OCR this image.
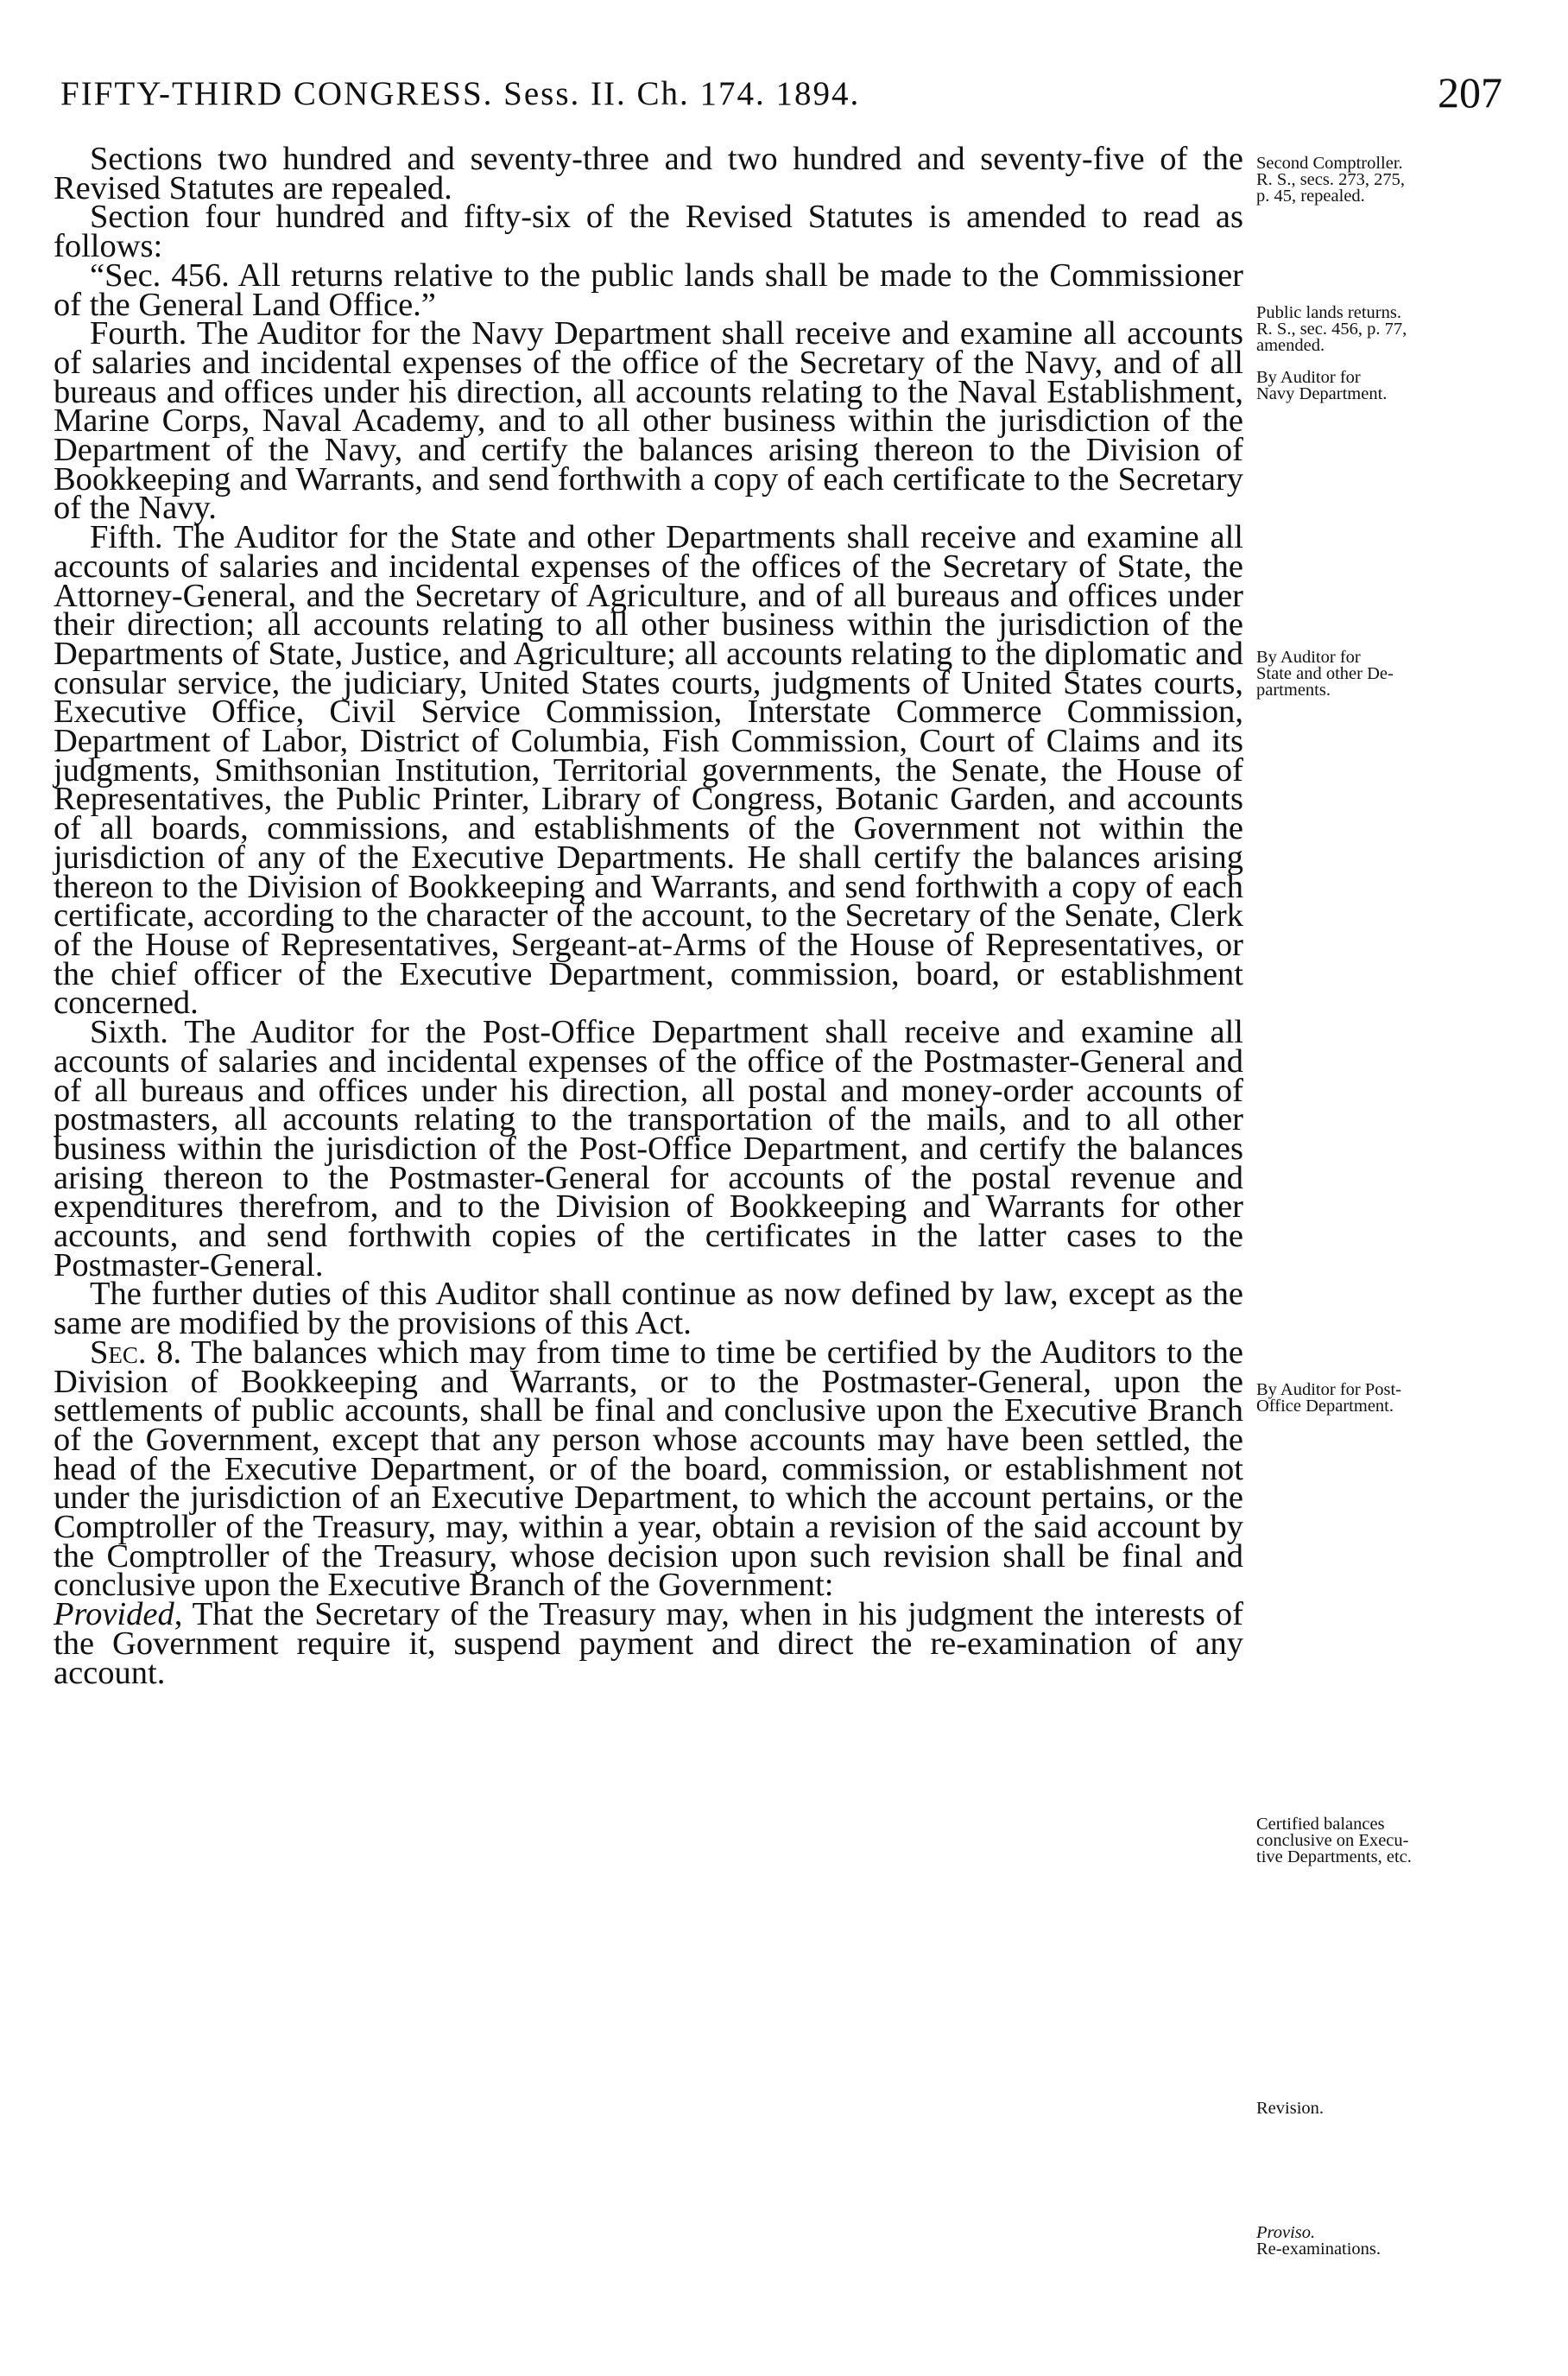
FIFTY-THIRD CONGRESS. Sess. II. Ch. 174. 1894.	207

Sections two hundred and seventy-three and two hundred and seventy-five of the Revised Statutes are repealed.

Section four hundred and fifty-six of the Revised Statutes is amended to read as follows:

“Sec. 456. All returns relative to the public lands shall be made to the Commissioner of the General Land Office.”

Fourth. The Auditor for the Navy Department shall receive and examine all accounts of salaries and incidental expenses of the office of the Secretary of the Navy, and of all bureaus and offices under his direction, all accounts relating to the Naval Establishment, Marine Corps, Naval Academy, and to all other business within the jurisdiction of the Department of the Navy, and certify the balances arising thereon to the Division of Bookkeeping and Warrants, and send forthwith a copy of each certificate to the Secretary of the Navy.

Fifth. The Auditor for the State and other Departments shall receive and examine all accounts of salaries and incidental expenses of the offices of the Secretary of State, the Attorney-General, and the Secretary of Agriculture, and of all bureaus and offices under their direction; all accounts relating to all other business within the jurisdiction of the Departments of State, Justice, and Agriculture; all accounts relating to the diplomatic and consular service, the judiciary, United States courts, judgments of United States courts, Executive Office, Civil Service Commission, Interstate Commerce Commission, Department of Labor, District of Columbia, Fish Commission, Court of Claims and its judgments, Smithsonian Institution, Territorial governments, the Senate, the House of Representatives, the Public Printer, Library of Congress, Botanic Garden, and accounts of all boards, commissions, and establishments of the Government not within the jurisdiction of any of the Executive Departments. He shall certify the balances arising thereon to the Division of Bookkeeping and Warrants, and send forthwith a copy of each certificate, according to the character of the account, to the Secretary of the Senate, Clerk of the House of Representatives, Sergeant-at-Arms of the House of Representatives, or the chief officer of the Executive Department, commission, board, or establishment concerned.

Sixth. The Auditor for the Post-Office Department shall receive and examine all accounts of salaries and incidental expenses of the office of the Postmaster-General and of all bureaus and offices under his direction, all postal and money-order accounts of postmasters, all accounts relating to the transportation of the mails, and to all other business within the jurisdiction of the Post-Office Department, and certify the balances arising thereon to the Postmaster-General for accounts of the postal revenue and expenditures therefrom, and to the Division of Bookkeeping and Warrants for other accounts, and send forthwith copies of the certificates in the latter cases to the Postmaster-General.

The further duties of this Auditor shall continue as now defined by law, except as the same are modified by the provisions of this Act.

Sec. 8. The balances which may from time to time be certified by the Auditors to the Division of Bookkeeping and Warrants, or to the Postmaster-General, upon the settlements of public accounts, shall be final and conclusive upon the Executive Branch of the Government, except that any person whose accounts may have been settled, the head of the Executive Department, or of the board, commission, or establishment not under the jurisdiction of an Executive Department, to which the account pertains, or the Comptroller of the Treasury, may, within a year, obtain a revision of the said account by the Comptroller of the Treasury, whose decision upon such revision shall be final and conclusive upon the Executive Branch of the Government:
Provided, That the Secretary of the Treasury may, when in his judgment the interests of the Government require it, suspend payment and direct the re-examination of any account.

Second Comptroller.
R. S., secs. 273, 275,
p. 45, repealed.
Public lands returns.
R. S., sec. 456, p. 77,
amended.
By Auditor for
Navy Department.
By Auditor for
State and other De-
partments.
By Auditor for Post-
Office Department.
Certified balances
conclusive on Execu-
tive Departments, etc.
Revision.
Proviso.
Re-examinations.
